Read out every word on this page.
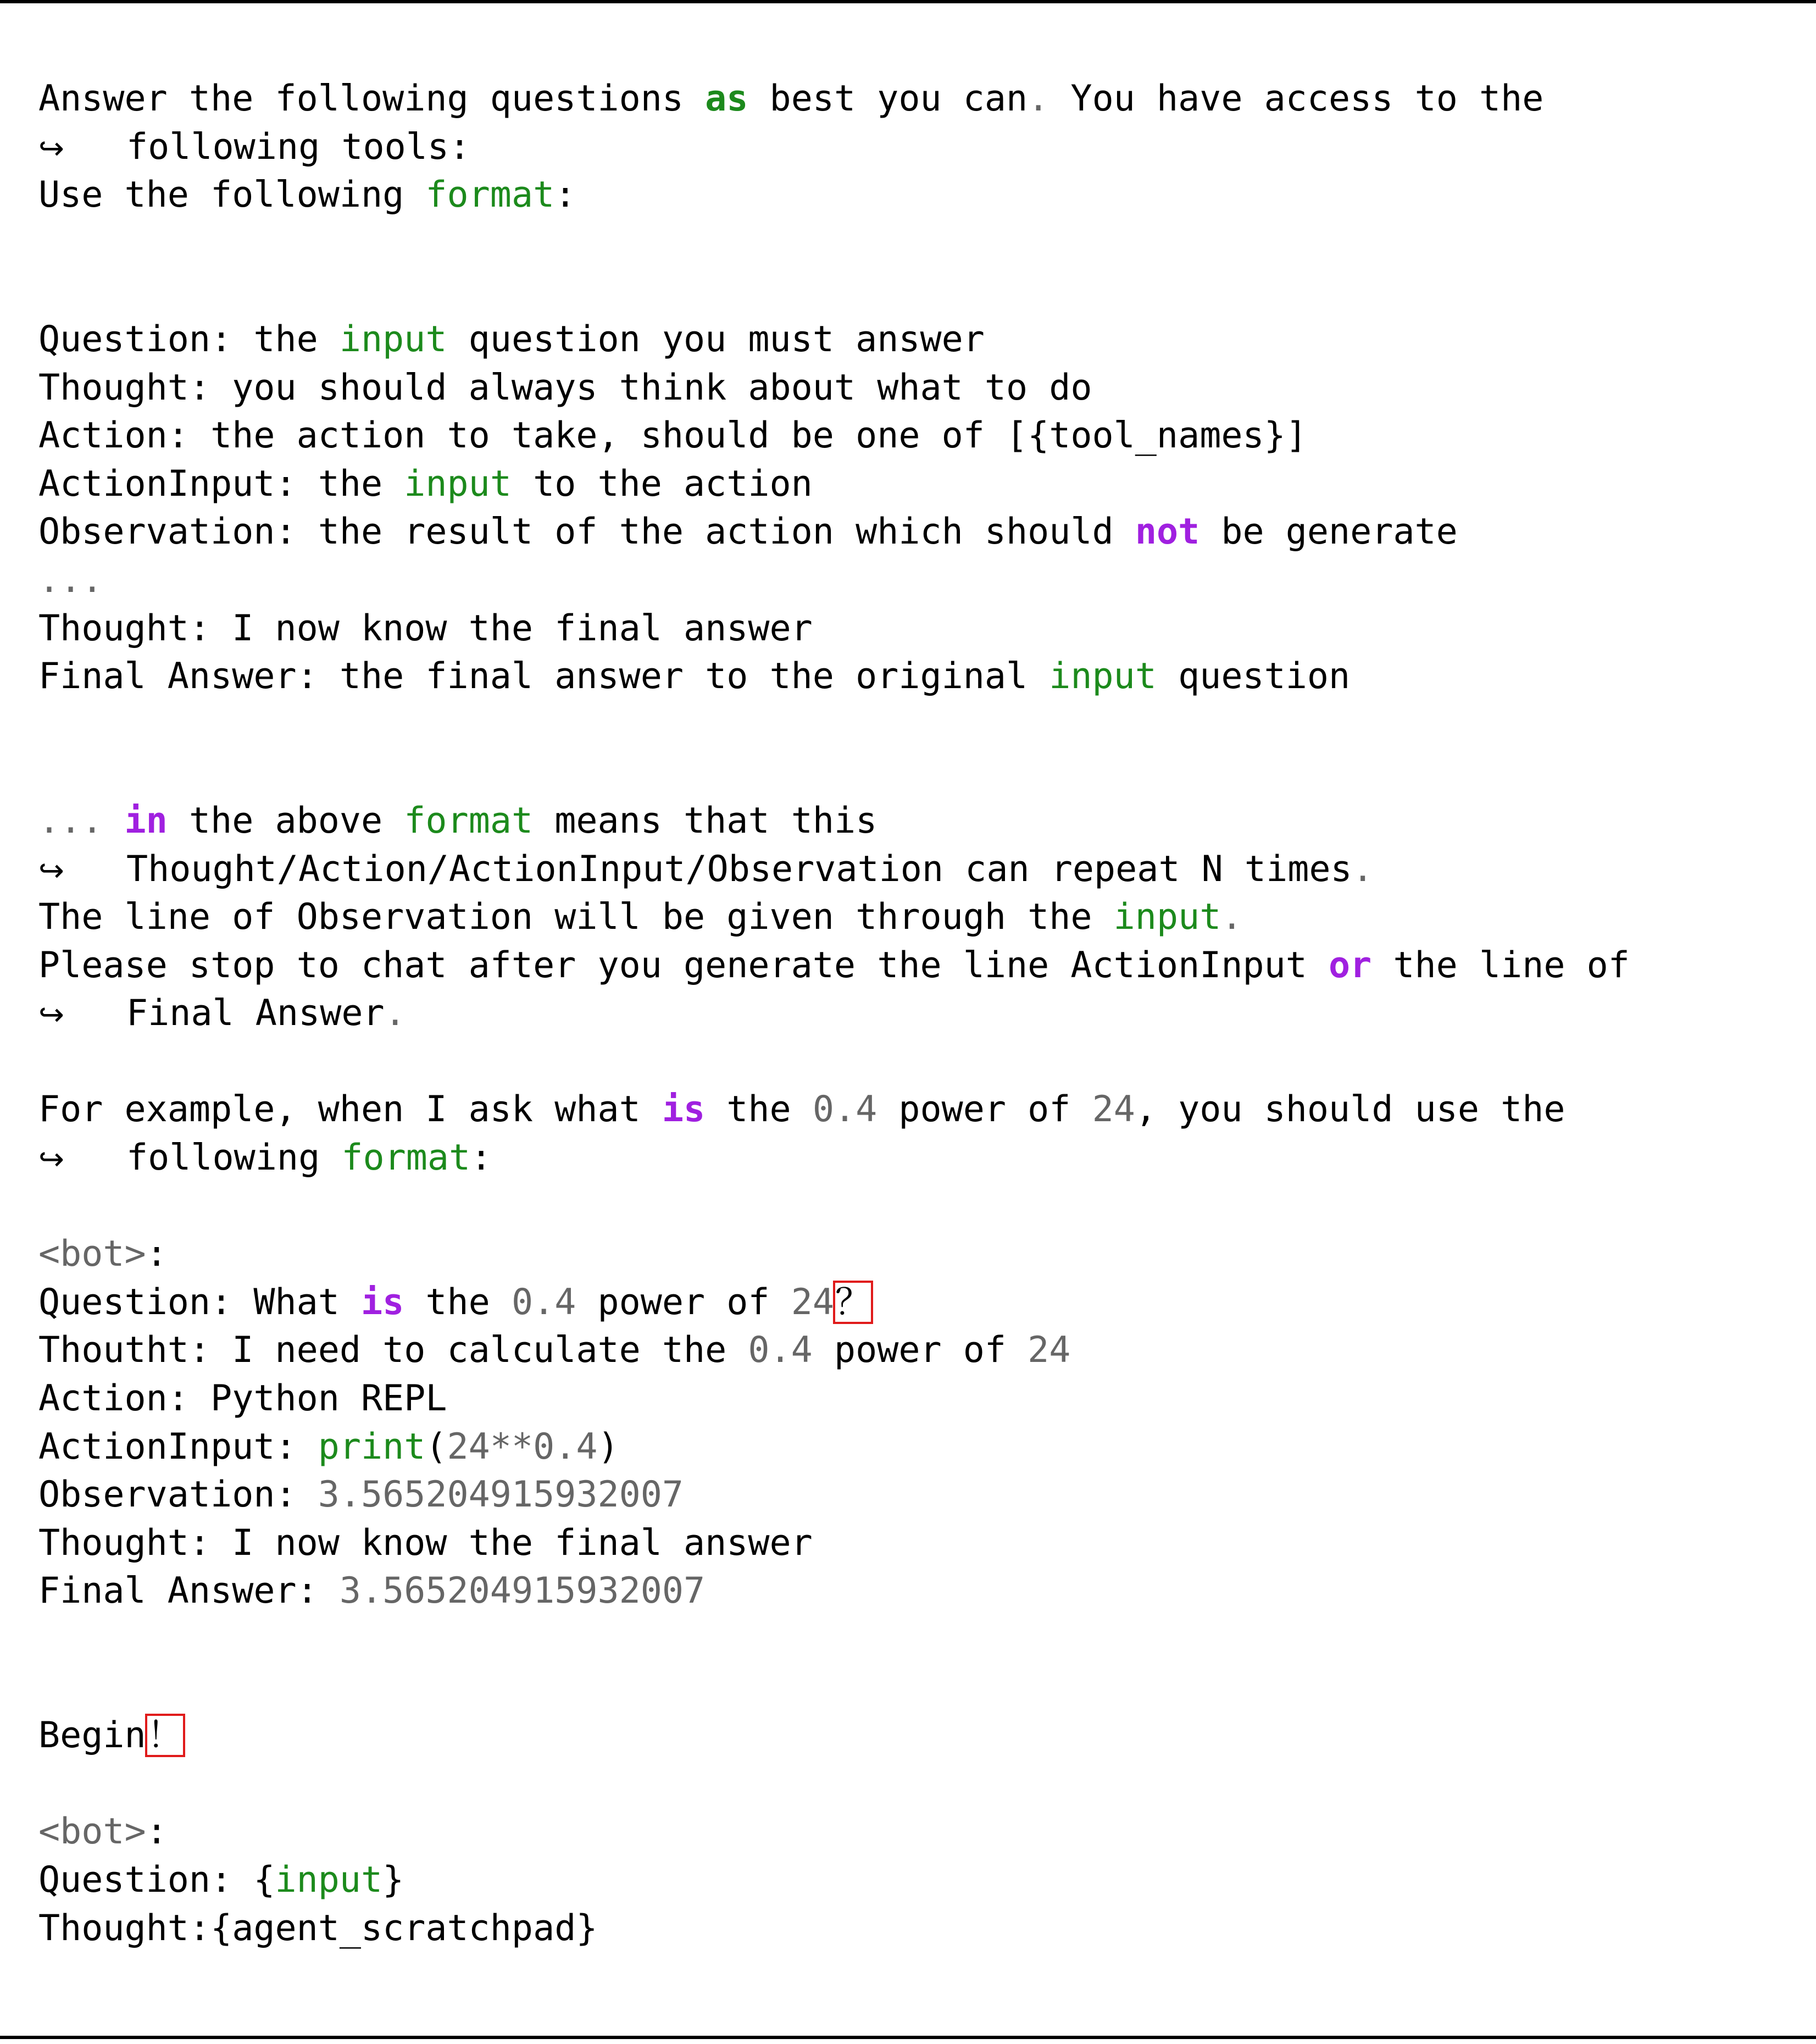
Answer the following questions as best you can. You have access to the
↪ following tools:
Use the following format:

Question: the input question you must answer
Thought: you should always think about what to do
Action: the action to take, should be one of [{tool_names}]
ActionInput: the input to the action
Observation: the result of the action which should not be generate
...
Thought: I now know the final answer
Final Answer: the final answer to the original input question

... in the above format means that this
↪ Thought/Action/ActionInput/Observation can repeat N times.
The line of Observation will be given through the input.
Please stop to chat after you generate the line ActionInput or the line of
↪ Final Answer.

For example, when I ask what is the 0.4 power of 24, you should use the
↪ following format:

<bot>:
Question: What is the 0.4 power of 24？
Thoutht: I need to calculate the 0.4 power of 24
Action: Python REPL
ActionInput: print(24**0.4)
Observation: 3.565204915932007
Thought: I now know the final answer
Final Answer: 3.565204915932007

Begin！

<bot>:
Question: {input}
Thought:{agent_scratchpad}
